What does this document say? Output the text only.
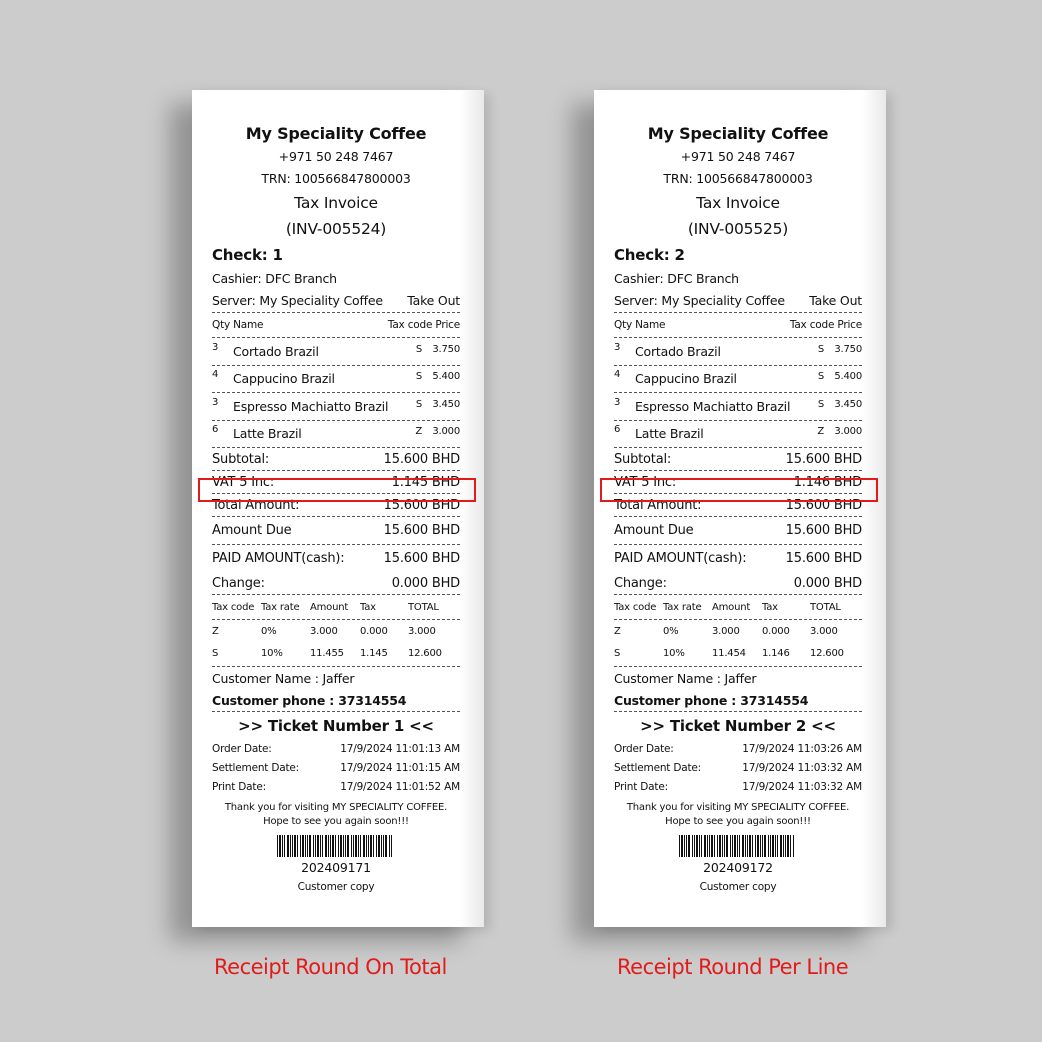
My Speciality Coffee
+971 50 248 7467
TRN: 100566847800003
Tax Invoice
(INV-005524)
Check: 1
Cashier: DFC Branch
Server: My Speciality Coffee Take Out
Qty Name	Tax code Price
3	Cortado Brazil	S	3.750
4	Cappucino Brazil	S	5.400
3	Espresso Machiatto Brazil	S	3.450
6	Latte Brazil	Z	3.000
Subtotal:	15.600 BHD
VAT 5 Inc:	1.145 BHD
Total Amount:	15.600 BHD
Amount Due	15.600 BHD
PAID AMOUNT(cash):	15.600 BHD
Change:	0.000 BHD
Tax code Tax rate	Amount	Tax	TOTAL
Z	0%	3.000	0.000	3.000
S	10%	11.455	1.145	12.600
Customer Name : Jaffer
Customer phone : 37314554
>> Ticket Number 1 <<
Order Date:	17/9/2024 11:01:13 AM
Settlement Date:	17/9/2024 11:01:15 AM
Print Date:	17/9/2024 11:01:52 AM
Thank you for visiting MY SPECIALITY COFFEE.
Hope to see you again soon!!!
202409171
Customer copy
My Speciality Coffee
+971 50 248 7467
TRN: 100566847800003
Tax Invoice
(INV-005525)
Check: 2
Cashier: DFC Branch
Server: My Speciality Coffee Take Out
Qty Name	Tax code Price
3	Cortado Brazil	S	3.750
4	Cappucino Brazil	S	5.400
3	Espresso Machiatto Brazil	S	3.450
6	Latte Brazil	Z	3.000
Subtotal:	15.600 BHD
VAT 5 Inc:	1.146 BHD
Total Amount:	15.600 BHD
Amount Due	15.600 BHD
PAID AMOUNT(cash):	15.600 BHD
Change:	0.000 BHD
Tax code Tax rate	Amount	Tax	TOTAL
Z	0%	3.000	0.000	3.000
S	10%	11.454	1.146	12.600
Customer Name : Jaffer
Customer phone : 37314554
>> Ticket Number 2 <<
Order Date:	17/9/2024 11:03:26 AM
Settlement Date:	17/9/2024 11:03:32 AM
Print Date:	17/9/2024 11:03:32 AM
Thank you for visiting MY SPECIALITY COFFEE.
Hope to see you again soon!!!
202409172
Customer copy
Receipt Round On Total	Receipt Round Per Line
